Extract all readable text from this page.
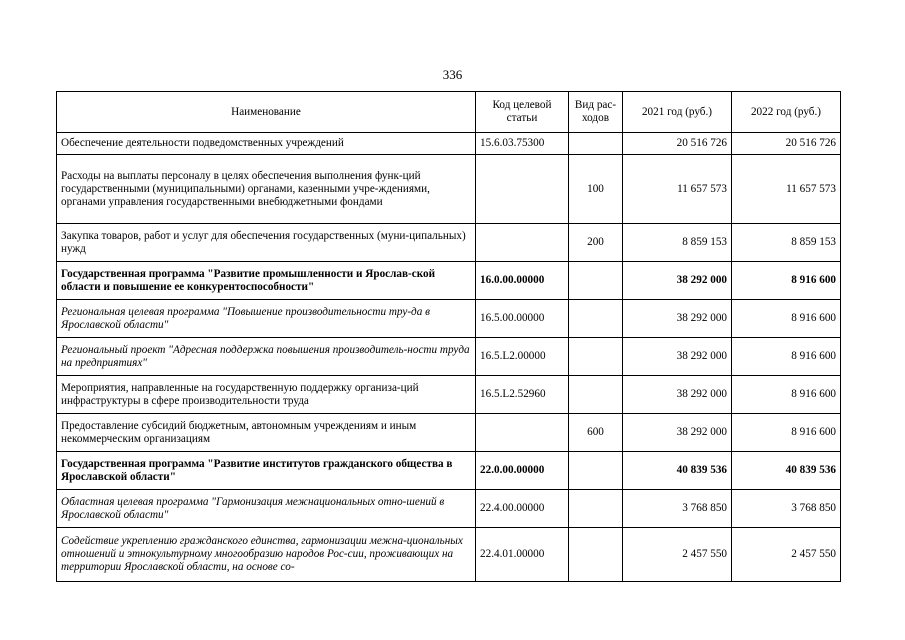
336
Наименование	Код целевой статьи	Вид рас-ходов	2021 год (руб.)	2022 год (руб.)
Обеспечение деятельности подведомственных учреждений	15.6.03.75300		20 516 726	20 516 726
Расходы на выплаты персоналу в целях обеспечения выполнения функ-ций государственными (муниципальными) органами, казенными учре-ждениями, органами управления государственными внебюджетными фондами		100	11 657 573	11 657 573
Закупка товаров, работ и услуг для обеспечения государственных (муни-ципальных) нужд		200	8 859 153	8 859 153
Государственная программа "Развитие промышленности и Ярослав-ской области и повышение ее конкурентоспособности"	16.0.00.00000		38 292 000	8 916 600
Региональная целевая программа "Повышение производительности тру-да в Ярославской области"	16.5.00.00000		38 292 000	8 916 600
Региональный проект "Адресная поддержка повышения производитель-ности труда на предприятиях"	16.5.L2.00000		38 292 000	8 916 600
Мероприятия, направленные на государственную поддержку организа-ций инфраструктуры в сфере производительности труда	16.5.L2.52960		38 292 000	8 916 600
Предоставление субсидий бюджетным, автономным учреждениям и иным некоммерческим организациям		600	38 292 000	8 916 600
Государственная программа "Развитие институтов гражданского общества в Ярославской области"	22.0.00.00000		40 839 536	40 839 536
Областная целевая программа "Гармонизация межнациональных отно-шений в Ярославской области"	22.4.00.00000		3 768 850	3 768 850
Содействие укреплению гражданского единства, гармонизации межна-циональных отношений и этнокультурному многообразию народов Рос-сии, проживающих на территории Ярославской области, на основе со-	22.4.01.00000		2 457 550	2 457 550
